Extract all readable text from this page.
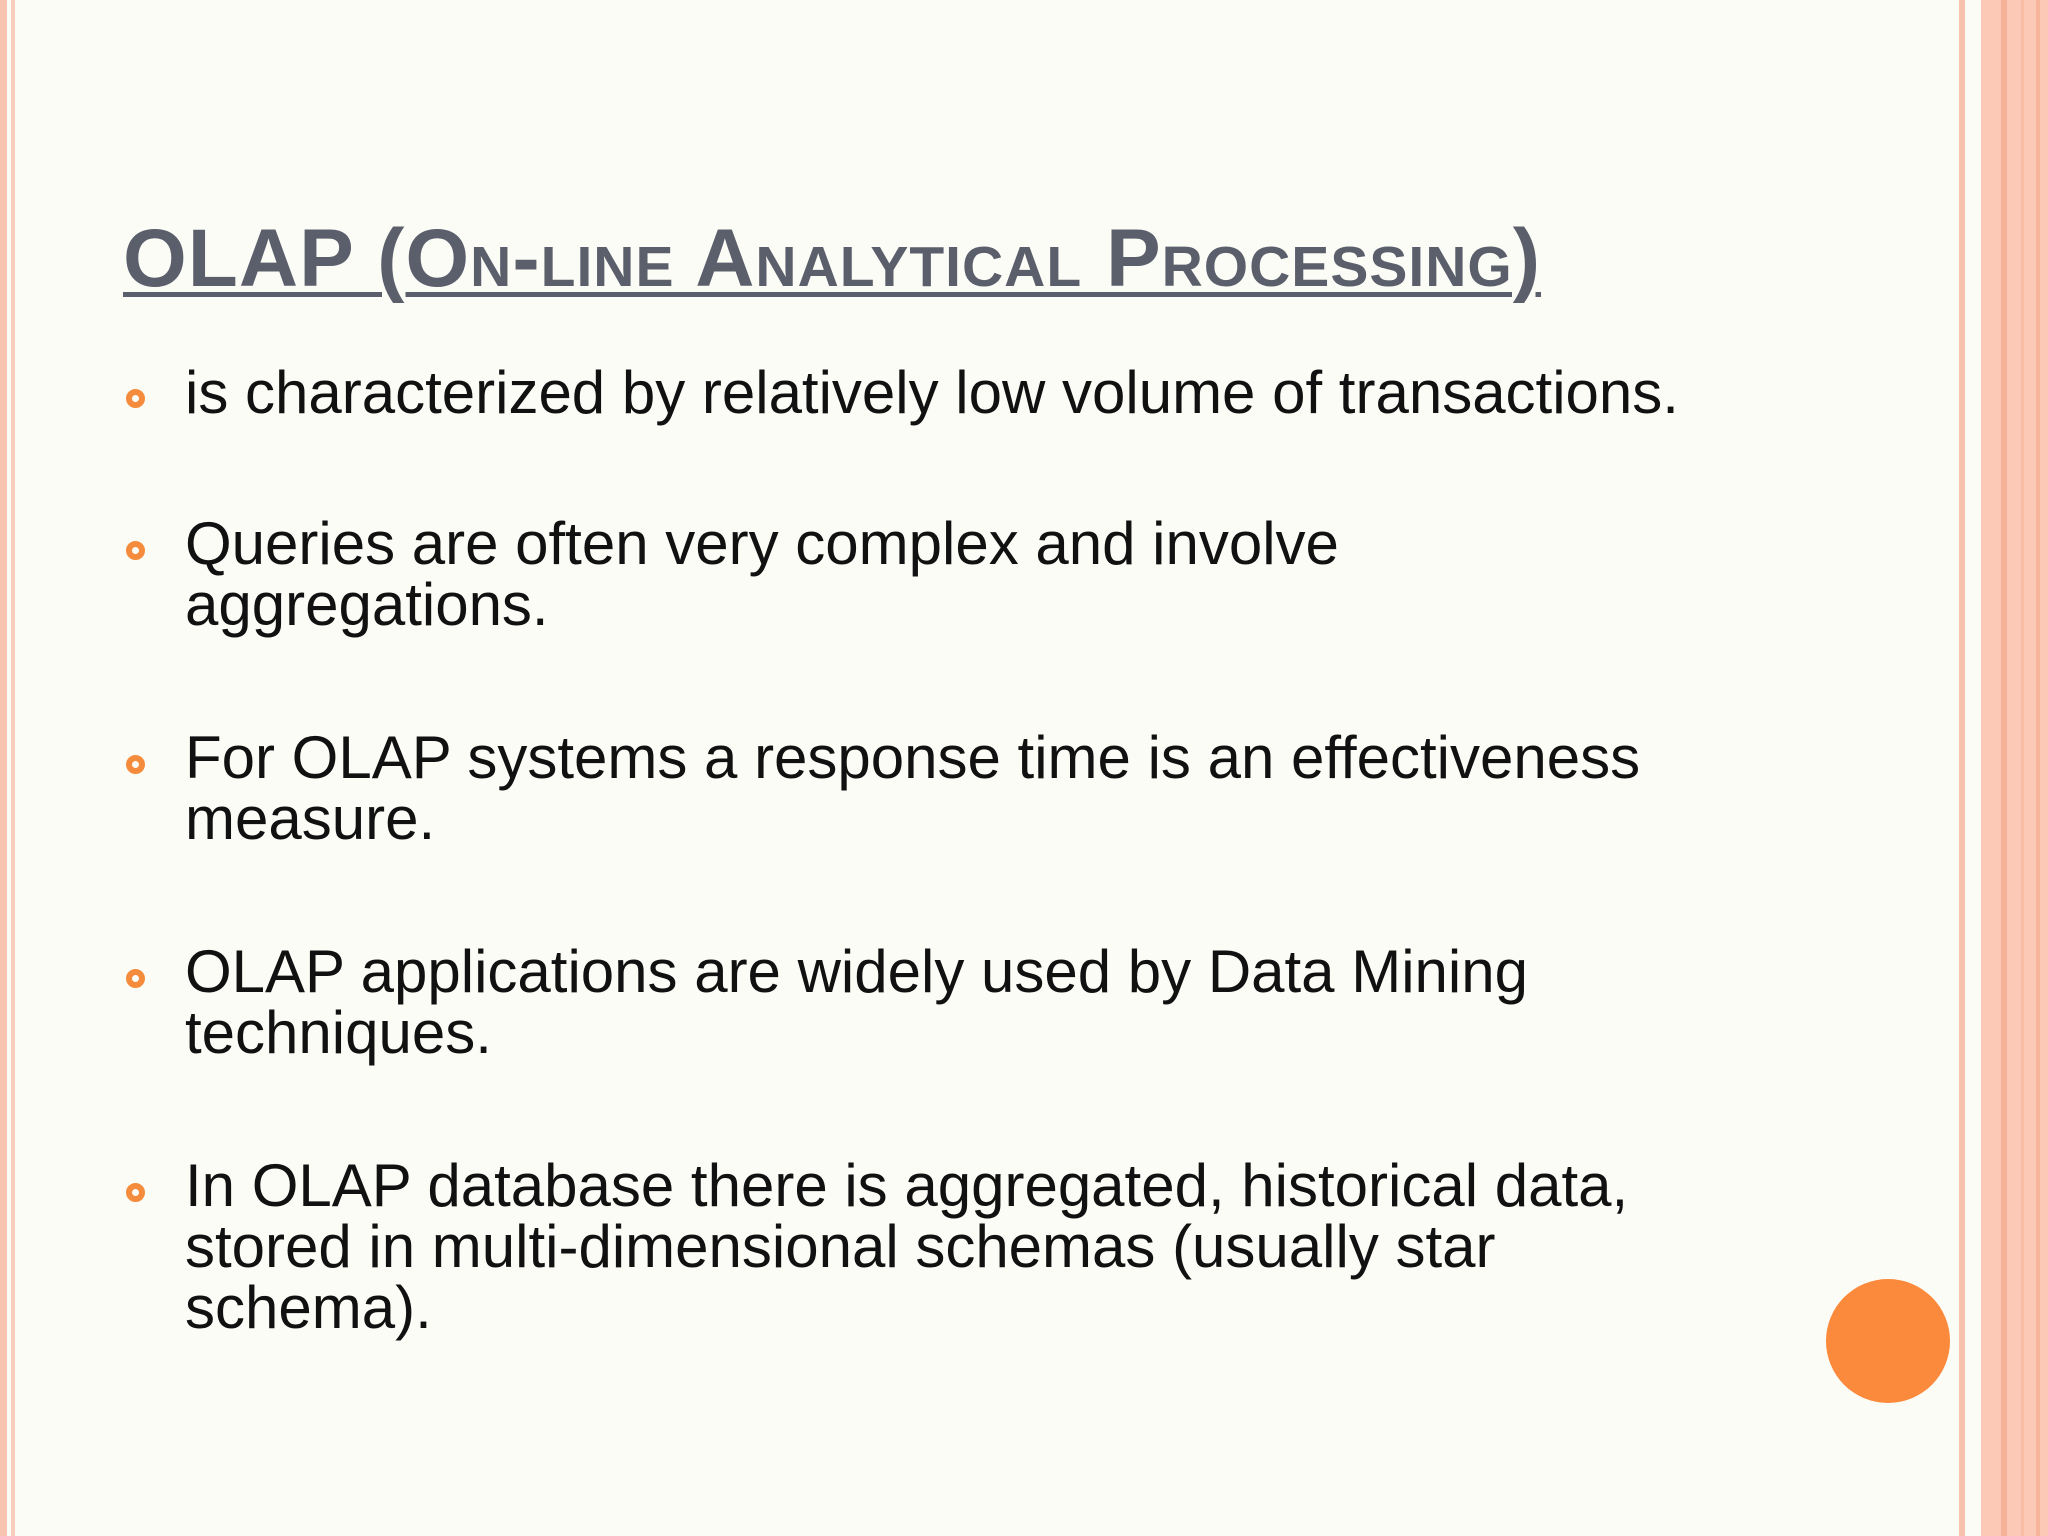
OLAP (On-line Analytical Processing)
is characterized by relatively low volume of transactions.
Queries are often very complex and involve aggregations.
For OLAP systems a response time is an effectiveness measure.
OLAP applications are widely used by Data Mining techniques.
In OLAP database there is aggregated, historical data, stored in multi-dimensional schemas (usually star schema).
